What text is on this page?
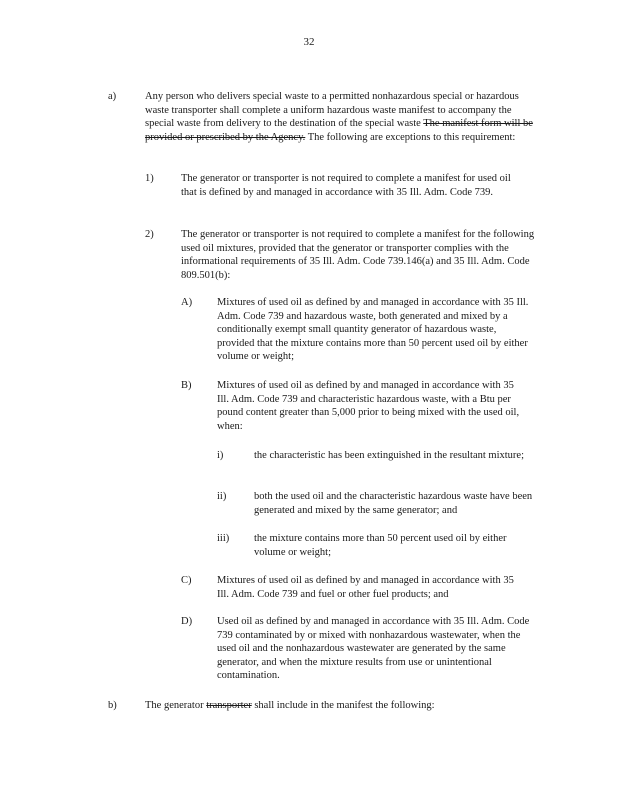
32
a)	Any person who delivers special waste to a permitted nonhazardous special or hazardous waste transporter shall complete a uniform hazardous waste manifest to accompany the special waste from delivery to the destination of the special waste The manifest form will be provided or prescribed by the Agency. The following are exceptions to this requirement:
1)	The generator or transporter is not required to complete a manifest for used oil that is defined by and managed in accordance with 35 Ill. Adm. Code 739.
2)	The generator or transporter is not required to complete a manifest for the following used oil mixtures, provided that the generator or transporter complies with the informational requirements of 35 Ill. Adm. Code 739.146(a) and 35 Ill. Adm. Code 809.501(b):
A) Mixtures of used oil as defined by and managed in accordance with 35 Ill. Adm. Code 739 and hazardous waste, both generated and mixed by a conditionally exempt small quantity generator of hazardous waste, provided that the mixture contains more than 50 percent used oil by either volume or weight;
B) Mixtures of used oil as defined by and managed in accordance with 35 Ill. Adm. Code 739 and characteristic hazardous waste, with a Btu per pound content greater than 5,000 prior to being mixed with the used oil, when:
i)	the characteristic has been extinguished in the resultant mixture;
ii)	both the used oil and the characteristic hazardous waste have been generated and mixed by the same generator; and
iii) the mixture contains more than 50 percent used oil by either volume or weight;
C) Mixtures of used oil as defined by and managed in accordance with 35 Ill. Adm. Code 739 and fuel or other fuel products; and
D) Used oil as defined by and managed in accordance with 35 Ill. Adm. Code 739 contaminated by or mixed with nonhazardous wastewater, when the used oil and the nonhazardous wastewater are generated by the same generator, and when the mixture results from use or unintentional contamination.
b)	The generator transporter shall include in the manifest the following:
